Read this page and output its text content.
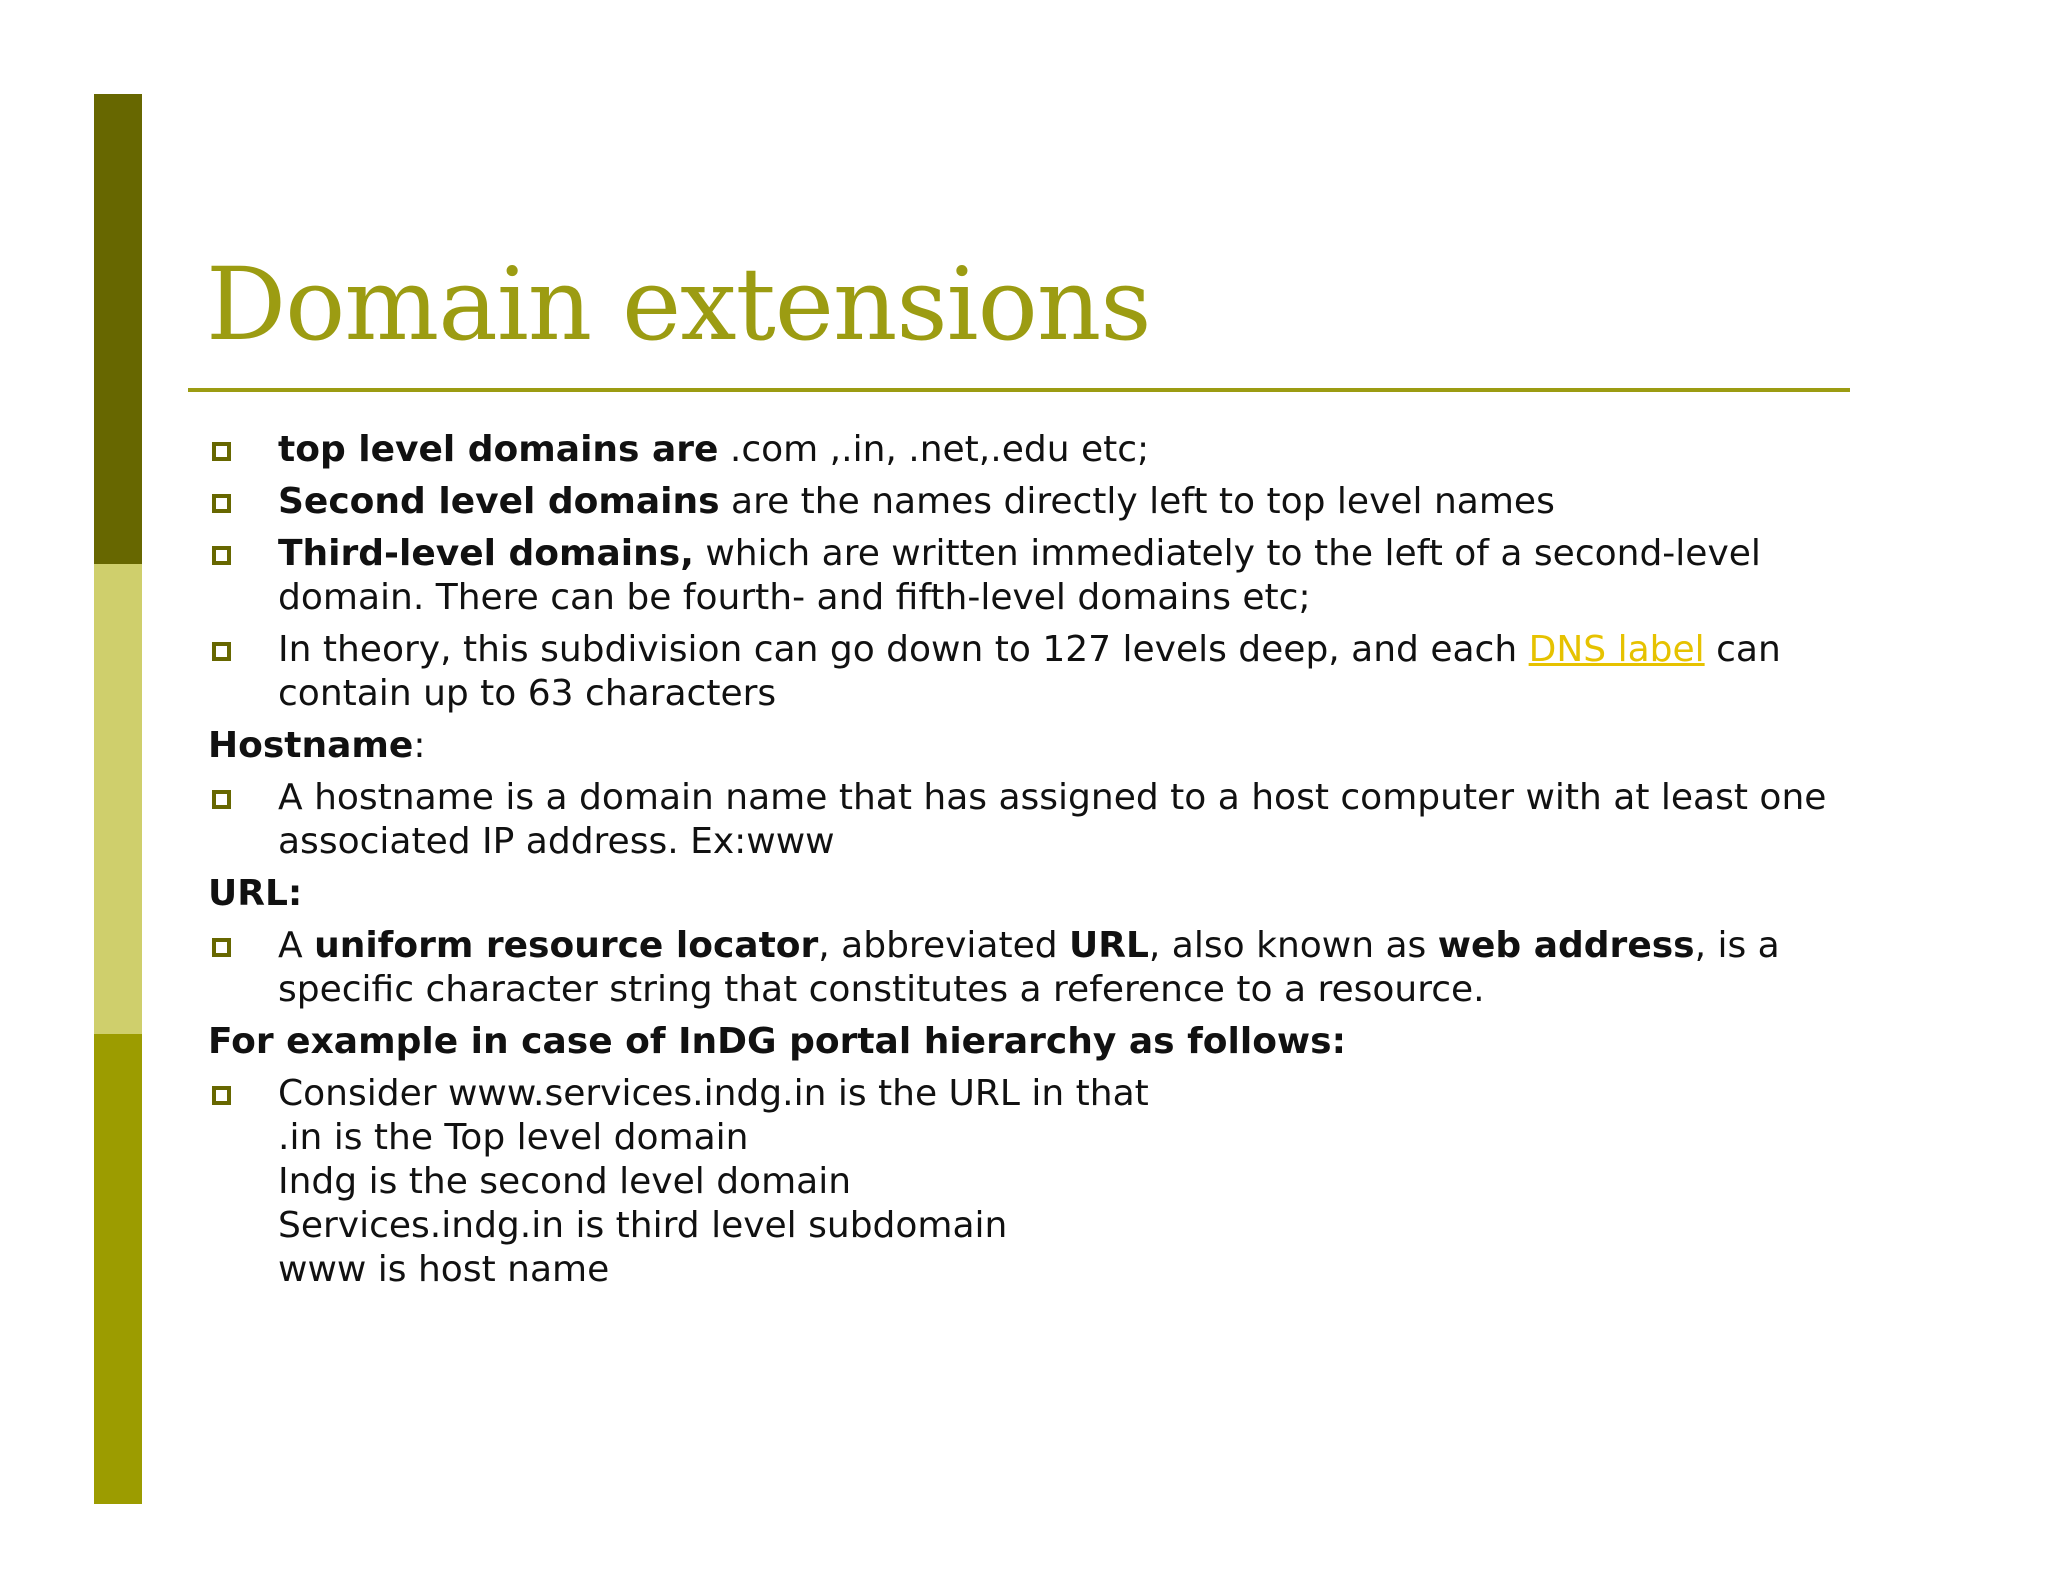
Domain extensions
top level domains are .com ,.in, .net,.edu etc;
Second level domains are the names directly left to top level names
Third-level domains, which are written immediately to the left of a second-level domain. There can be fourth- and fifth-level domains etc;
In theory, this subdivision can go down to 127 levels deep, and each DNS label can contain up to 63 characters
Hostname:
A hostname is a domain name that has assigned to a host computer with at least one associated IP address. Ex:www
URL:
A uniform resource locator, abbreviated URL, also known as web address, is a specific character string that constitutes a reference to a resource.
For example in case of InDG portal hierarchy as follows:
Consider www.services.indg.in is the URL in that
.in is the Top level domain
Indg is the second level domain
Services.indg.in is third level subdomain
www is host name
